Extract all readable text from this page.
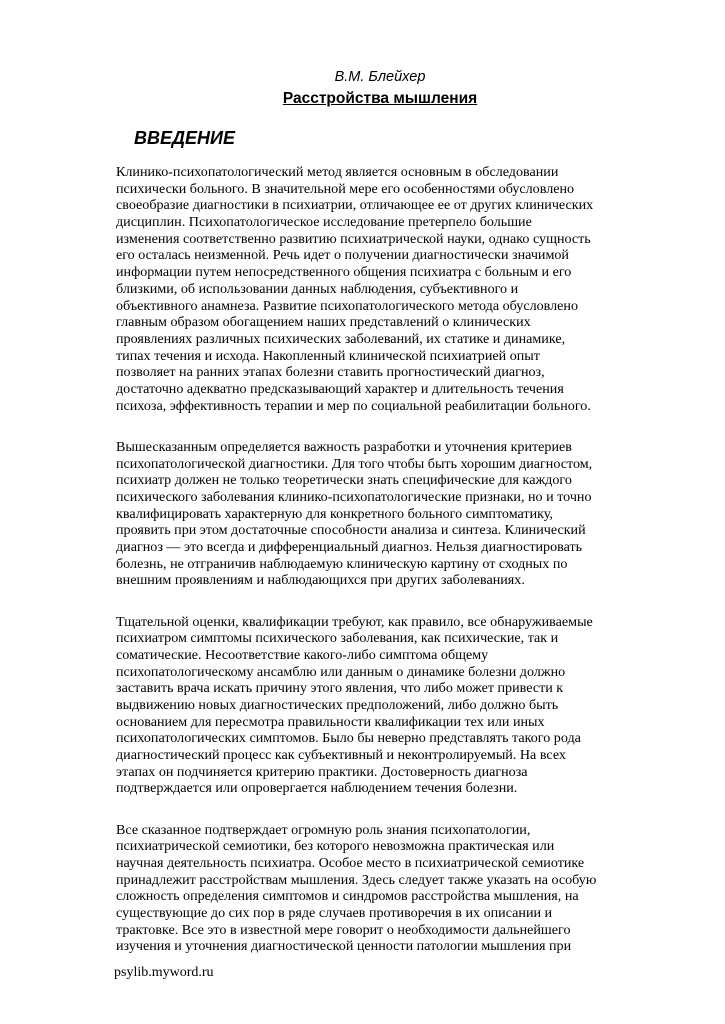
В.М. Блейхер

Расстройства мышления
ВВЕДЕНИЕ

Клинико-психопатологический метод является основным в обследовании
психически больного. В значительной мере его особенностями обусловлено
своеобразие диагностики в психиатрии, отличающее ее от других клинических
дисциплин. Психопатологическое исследование претерпело большие
изменения соответственно развитию психиатрической науки, однако сущность
его осталась неизменной. Речь идет о получении диагностически значимой
информации путем непосредственного общения психиатра с больным и его
близкими, об использовании данных наблюдения, субъективного и
объективного анамнеза. Развитие психопатологического метода обусловлено
главным образом обогащением наших представлений о клинических
проявлениях различных психических заболеваний, их статике и динамике,
типах течения и исхода. Накопленный клинической психиатрией опыт
позволяет на ранних этапах болезни ставить прогностический диагноз,
достаточно адекватно предсказывающий характер и длительность течения
психоза, эффективность терапии и мер по социальной реабилитации больного.

Вышесказанным определяется важность разработки и уточнения критериев
психопатологической диагностики. Для того чтобы быть хорошим диагностом,
психиатр должен не только теоретически знать специфические для каждого
психического заболевания клинико-психопатологические признаки, но и точно
квалифицировать характерную для конкретного больного симптоматику,
проявить при этом достаточные способности анализа и синтеза. Клинический
диагноз — это всегда и дифференциальный диагноз. Нельзя диагностировать
болезнь, не отграничив наблюдаемую клиническую картину от сходных по
внешним проявлениям и наблюдающихся при других заболеваниях.

Тщательной оценки, квалификации требуют, как правило, все обнаруживаемые
психиатром симптомы психического заболевания, как психические, так и
соматические. Несоответствие какого-либо симптома общему
психопатологическому ансамблю или данным о динамике болезни должно
заставить врача искать причину этого явления, что либо может привести к
выдвижению новых диагностических предположений, либо должно быть
основанием для пересмотра правильности квалификации тех или иных
психопатологических симптомов. Было бы неверно представлять такого рода
диагностический процесс как субъективный и неконтролируемый. На всех
этапах он подчиняется критерию практики. Достоверность диагноза
подтверждается или опровергается наблюдением течения болезни.

Все сказанное подтверждает огромную роль знания психопатологии,
психиатрической семиотики, без которого невозможна практическая или
научная деятельность психиатра. Особое место в психиатрической семиотике
принадлежит расстройствам мышления. Здесь следует также указать на особую
сложность определения симптомов и синдромов расстройства мышления, на
существующие до сих пор в ряде случаев противоречия в их описании и
трактовке. Все это в известной мере говорит о необходимости дальнейшего
изучения и уточнения диагностической ценности патологии мышления при

psylib.myword.ru
